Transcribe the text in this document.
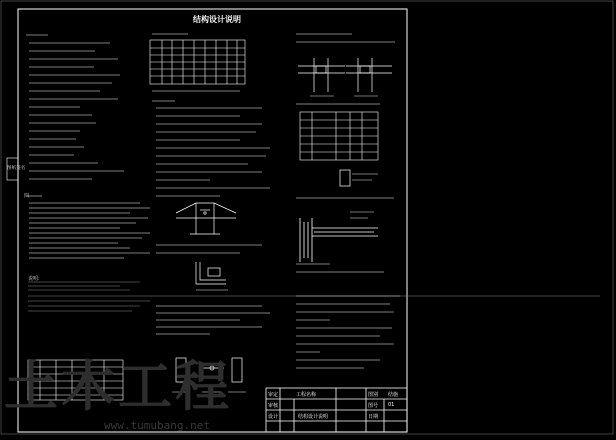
结构设计说明
图纸签名
四
说明:
土木工程
www.tumubang.net
审定
审核
设计
工程名称
结构设计说明
图号 01
日期
图别 结施
